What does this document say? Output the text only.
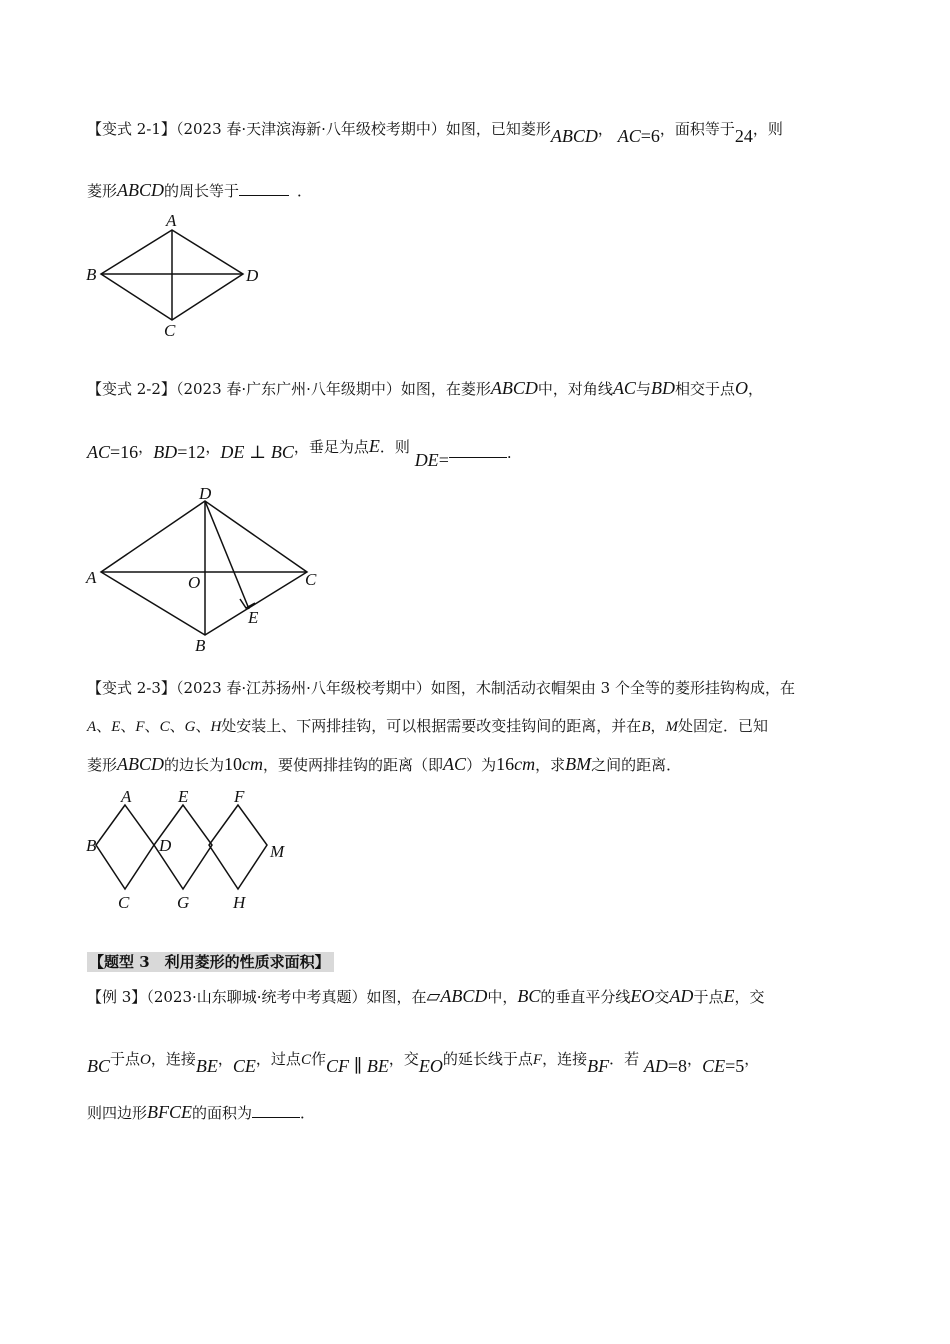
【变式 2-1】（2023 春·天津滨海新·八年级校考期中）如图，已知菱形ABCD， AC=6，面积等于24，则
菱形ABCD的周长等于	．
A
B
C
D
【变式 2-2】（2023 春·广东广州·八年级期中）如图，在菱形ABCD中，对角线AC与BD相交于点O，
AC=16，BD=12，DE ⊥ BC，垂足为点E．则 DE=	.
D
A	O	C
E
B
【变式 2-3】（2023 春·江苏扬州·八年级校考期中）如图，木制活动衣帽架由 3 个全等的菱形挂钩构成，在
A、E、F、C、G、H处安装上、下两排挂钩，可以根据需要改变挂钩间的距离，并在B，M处固定．已知
菱形ABCD的边长为10cm，要使两排挂钩的距离（即AC）为16cm，求BM之间的距离．
A	E	F
B	D	M
C	G	H
【题型 3　利用菱形的性质求面积】
【例 3】（2023·山东聊城·统考中考真题）如图，在▱ABCD中，BC的垂直平分线EO交AD于点E，交
BC于点O，连接BE，CE，过点C作CF ∥ BE，交EO的延长线于点F，连接BF．若 AD=8，CE=5，
则四边形BFCE的面积为	．
